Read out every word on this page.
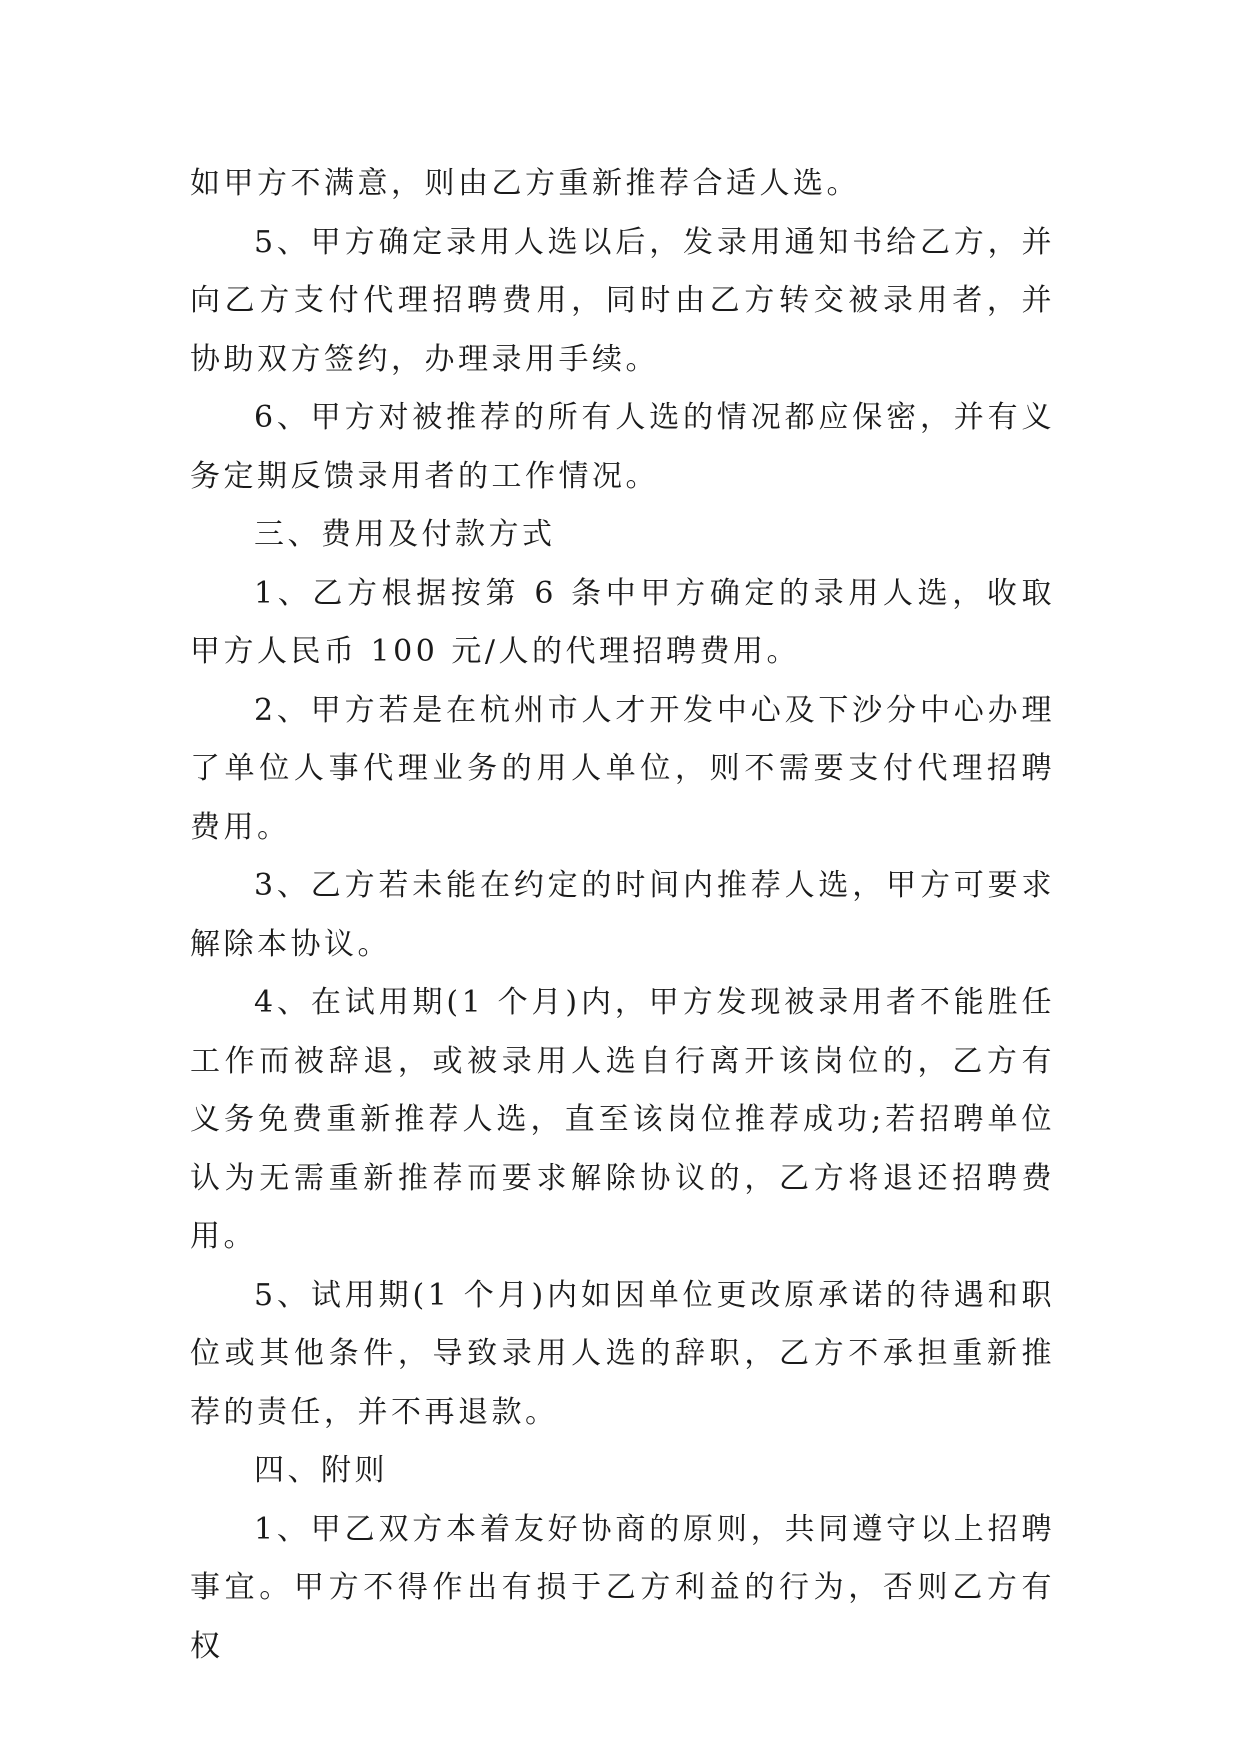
如甲方不满意，则由乙方重新推荐合适人选。

5、甲方确定录用人选以后，发录用通知书给乙方，并向乙方支付代理招聘费用，同时由乙方转交被录用者，并协助双方签约，办理录用手续。

6、甲方对被推荐的所有人选的情况都应保密，并有义务定期反馈录用者的工作情况。

三、费用及付款方式

1、乙方根据按第 6 条中甲方确定的录用人选，收取甲方人民币 100 元/人的代理招聘费用。

2、甲方若是在杭州市人才开发中心及下沙分中心办理了单位人事代理业务的用人单位，则不需要支付代理招聘费用。

3、乙方若未能在约定的时间内推荐人选，甲方可要求解除本协议。

4、在试用期(1 个月)内，甲方发现被录用者不能胜任工作而被辞退，或被录用人选自行离开该岗位的，乙方有义务免费重新推荐人选，直至该岗位推荐成功;若招聘单位认为无需重新推荐而要求解除协议的，乙方将退还招聘费用。

5、试用期(1 个月)内如因单位更改原承诺的待遇和职位或其他条件，导致录用人选的辞职，乙方不承担重新推荐的责任，并不再退款。

四、附则

1、甲乙双方本着友好协商的原则，共同遵守以上招聘事宜。甲方不得作出有损于乙方利益的行为，否则乙方有权
